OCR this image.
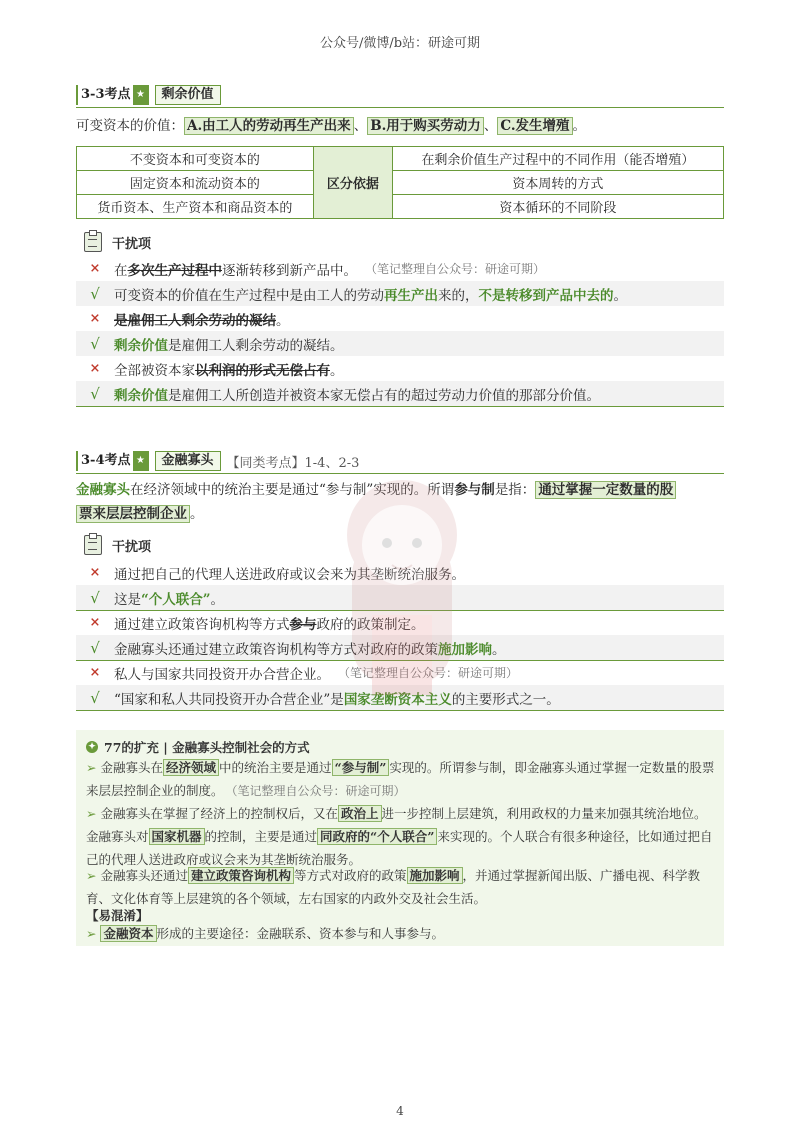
公众号/微博/b站：研途可期
3-3考点 ★	剩余价值
可变资本的价值： A.由工人的劳动再生产出来 、 B.用于购买劳动力 、 C.发生增殖 。
不变资本和可变资本的	区分依据	在剩余价值生产过程中的不同作用（能否增殖）
固定资本和流动资本的		资本周转的方式
货币资本、生产资本和商品资本的		资本循环的不同阶段
干扰项
×	在 多次生产过程中 逐渐转移到新产品中。 （笔记整理自公众号：研途可期）
√	可变资本的价值在生产过程中是由工人的劳动 再生产出 来的， 不是转移到产品中去的 。
×	是雇佣工人剩余劳动的凝结 。
√	剩余价值 是雇佣工人剩余劳动的凝结。
×	全部被资本家 以利润的形式无偿占有 。
√	剩余价值 是雇佣工人所创造并被资本家无偿占有的超过劳动力价值的那部分价值。
3-4考点 ★	金融寡头	【同类考点】1-4、2-3
金融寡头在经济领域中的统治主要是通过“参与制”实现的。所谓参与制是指： 通过掌握一定数量的股
票来层层控制企业 。
干扰项
×	通过把自己的代理人送进政府或议会来为其垄断统治服务。
√	这是 “个人联合” 。
×	通过建立政策咨询机构等方式 参与 政府的政策制定。
√	金融寡头还通过建立政策咨询机构等方式对政府的政策 施加影响 。
×	私人与国家共同投资开办合营企业。 （笔记整理自公众号：研途可期）
√	“国家和私人共同投资开办合营企业”是 国家垄断资本主义 的主要形式之一。
✦ 77的扩充 | 金融寡头控制社会的方式
➢ 金融寡头在 经济领域 中的统治主要是通过 “参与制” 实现的。所谓参与制，即金融寡头通过掌握一定数量的股票来层层控制企业的制度。 （笔记整理自公众号：研途可期）
➢ 金融寡头在掌握了经济上的控制权后，又在 政治上 进一步控制上层建筑，利用政权的力量来加强其统治地位。金融寡头对 国家机器 的控制，主要是通过 同政府的“个人联合” 来实现的。个人联合有很多种途径，比如通过把自己的代理人送进政府或议会来为其垄断统治服务。
➢ 金融寡头还通过 建立政策咨询机构 等方式对政府的政策 施加影响 ，并通过掌握新闻出版、广播电视、科学教育、文化体育等上层建筑的各个领域，左右国家的内政外交及社会生活。
【易混淆】
➢ 金融资本 形成的主要途径：金融联系、资本参与和人事参与。
4
